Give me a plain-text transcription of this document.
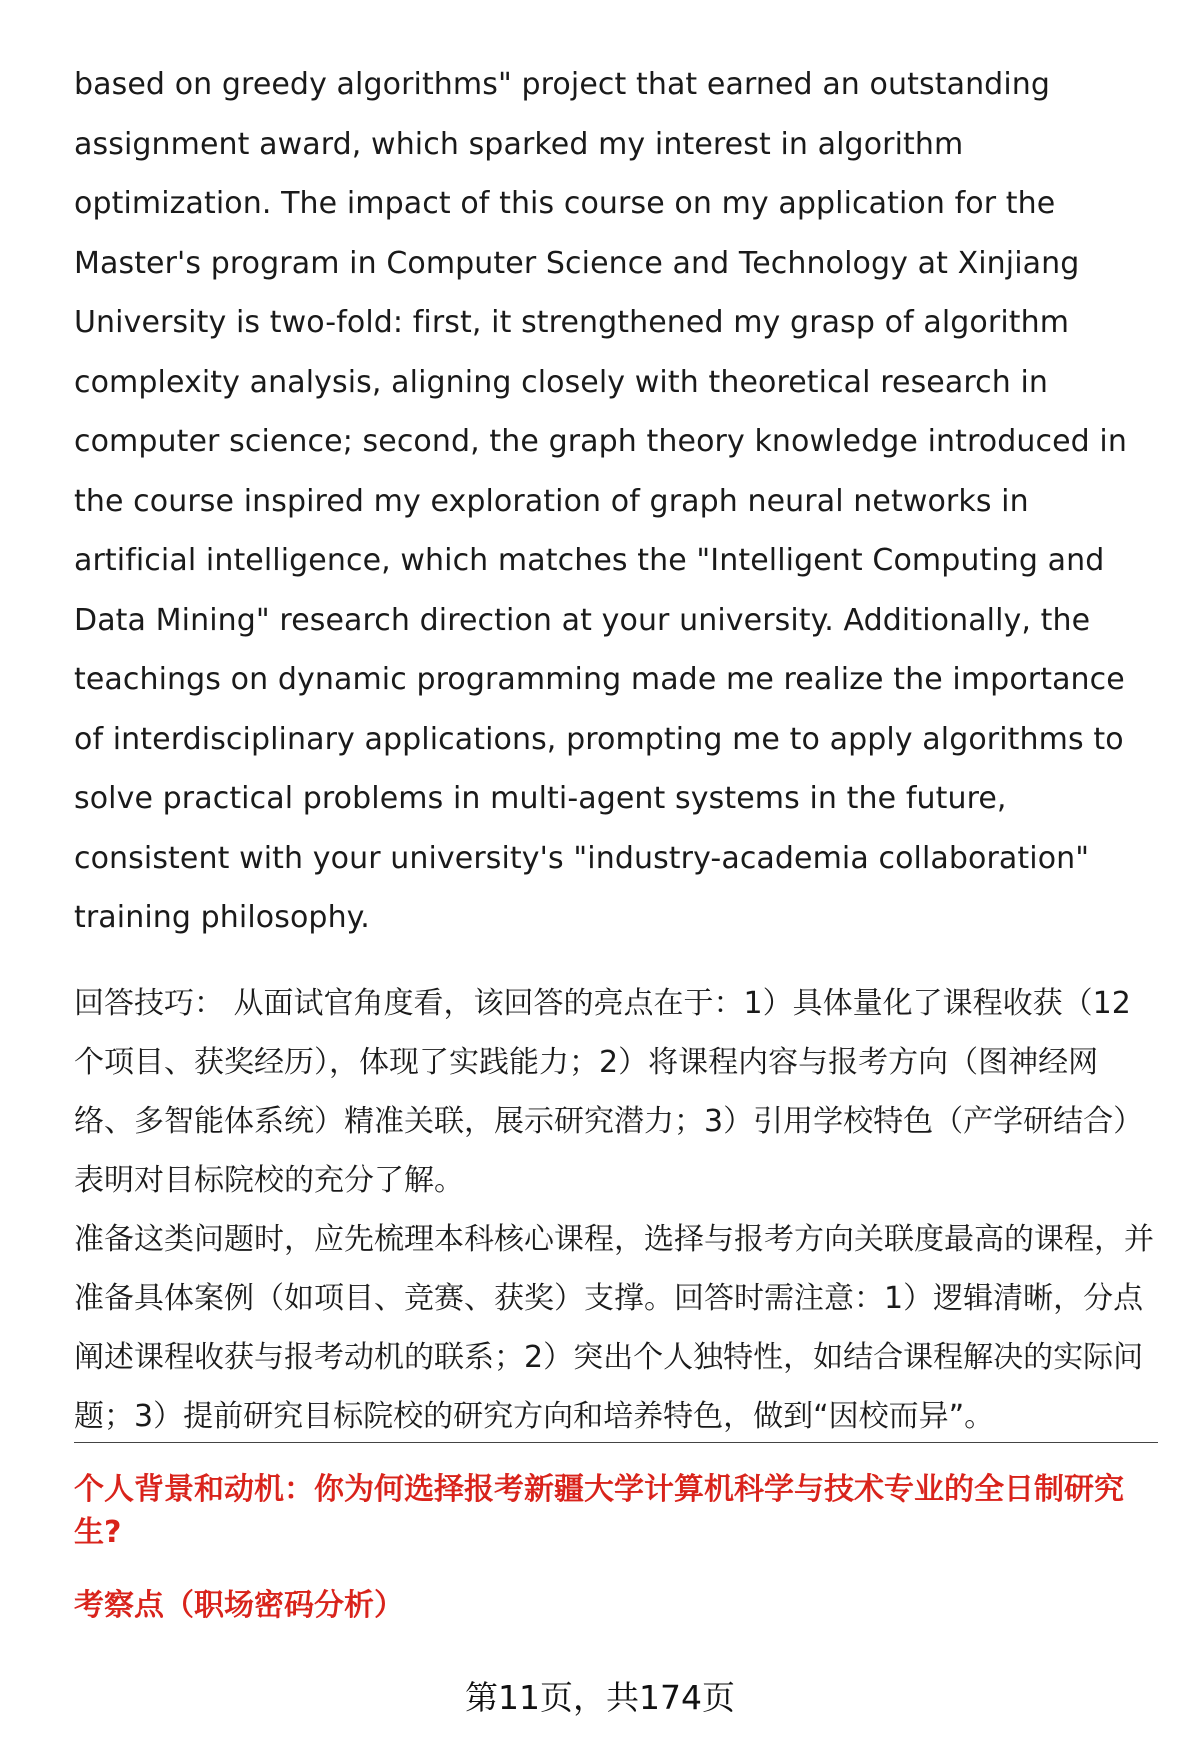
based on greedy algorithms" project that earned an outstanding assignment award, which sparked my interest in algorithm optimization. The impact of this course on my application for the Master's program in Computer Science and Technology at Xinjiang University is two-fold: first, it strengthened my grasp of algorithm complexity analysis, aligning closely with theoretical research in computer science; second, the graph theory knowledge introduced in the course inspired my exploration of graph neural networks in artificial intelligence, which matches the "Intelligent Computing and Data Mining" research direction at your university. Additionally, the teachings on dynamic programming made me realize the importance of interdisciplinary applications, prompting me to apply algorithms to solve practical problems in multi-agent systems in the future, consistent with your university's "industry-academia collaboration" training philosophy.

回答技巧： 从面试官角度看，该回答的亮点在于：1）具体量化了课程收获（12个项目、获奖经历），体现了实践能力；2）将课程内容与报考方向（图神经网络、多智能体系统）精准关联，展示研究潜力；3）引用学校特色（产学研结合）表明对目标院校的充分了解。

准备这类问题时，应先梳理本科核心课程，选择与报考方向关联度最高的课程，并准备具体案例（如项目、竞赛、获奖）支撑。回答时需注意：1）逻辑清晰，分点阐述课程收获与报考动机的联系；2）突出个人独特性，如结合课程解决的实际问题；3）提前研究目标院校的研究方向和培养特色，做到“因校而异”。

个人背景和动机：你为何选择报考新疆大学计算机科学与技术专业的全日制研究生?

考察点（职场密码分析）

第11页，共174页
